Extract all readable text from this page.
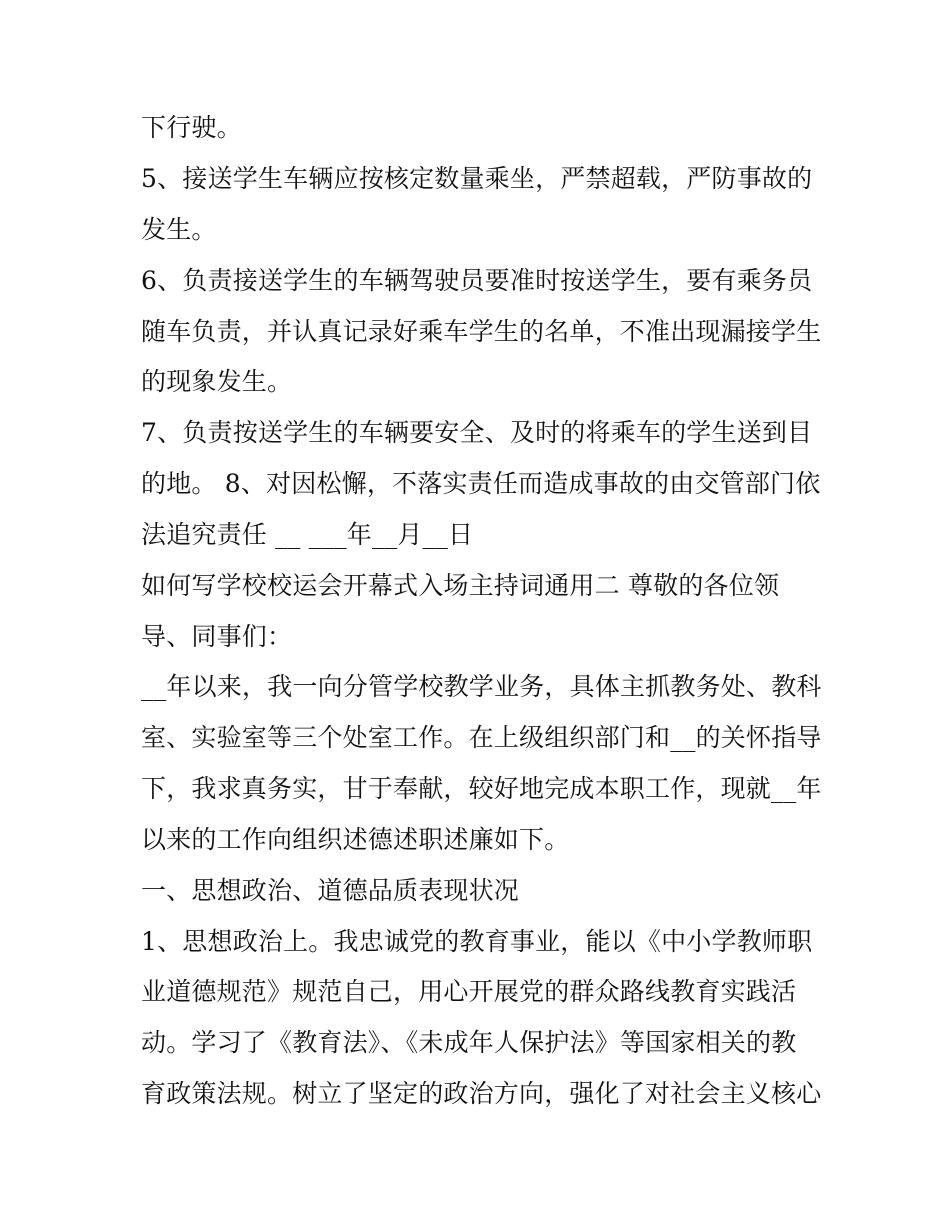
下行驶。
5、接送学生车辆应按核定数量乘坐，严禁超载，严防事故的
发生。
6、负责接送学生的车辆驾驶员要准时按送学生，要有乘务员
随车负责，并认真记录好乘车学生的名单，不准出现漏接学生
的现象发生。
7、负责按送学生的车辆要安全、及时的将乘车的学生送到目
的地。 8、对因松懈，不落实责任而造成事故的由交管部门依
法追究责任 __ ___年__月__日
如何写学校校运会开幕式入场主持词通用二 尊敬的各位领
导、同事们：
__年以来，我一向分管学校教学业务，具体主抓教务处、教科
室、实验室等三个处室工作。在上级组织部门和__的关怀指导
下，我求真务实，甘于奉献，较好地完成本职工作，现就__年
以来的工作向组织述德述职述廉如下。
一、思想政治、道德品质表现状况
1、思想政治上。我忠诚党的教育事业，能以《中小学教师职
业道德规范》规范自己，用心开展党的群众路线教育实践活
动。学习了《教育法》、《未成年人保护法》等国家相关的教
育政策法规。树立了坚定的政治方向，强化了对社会主义核心
